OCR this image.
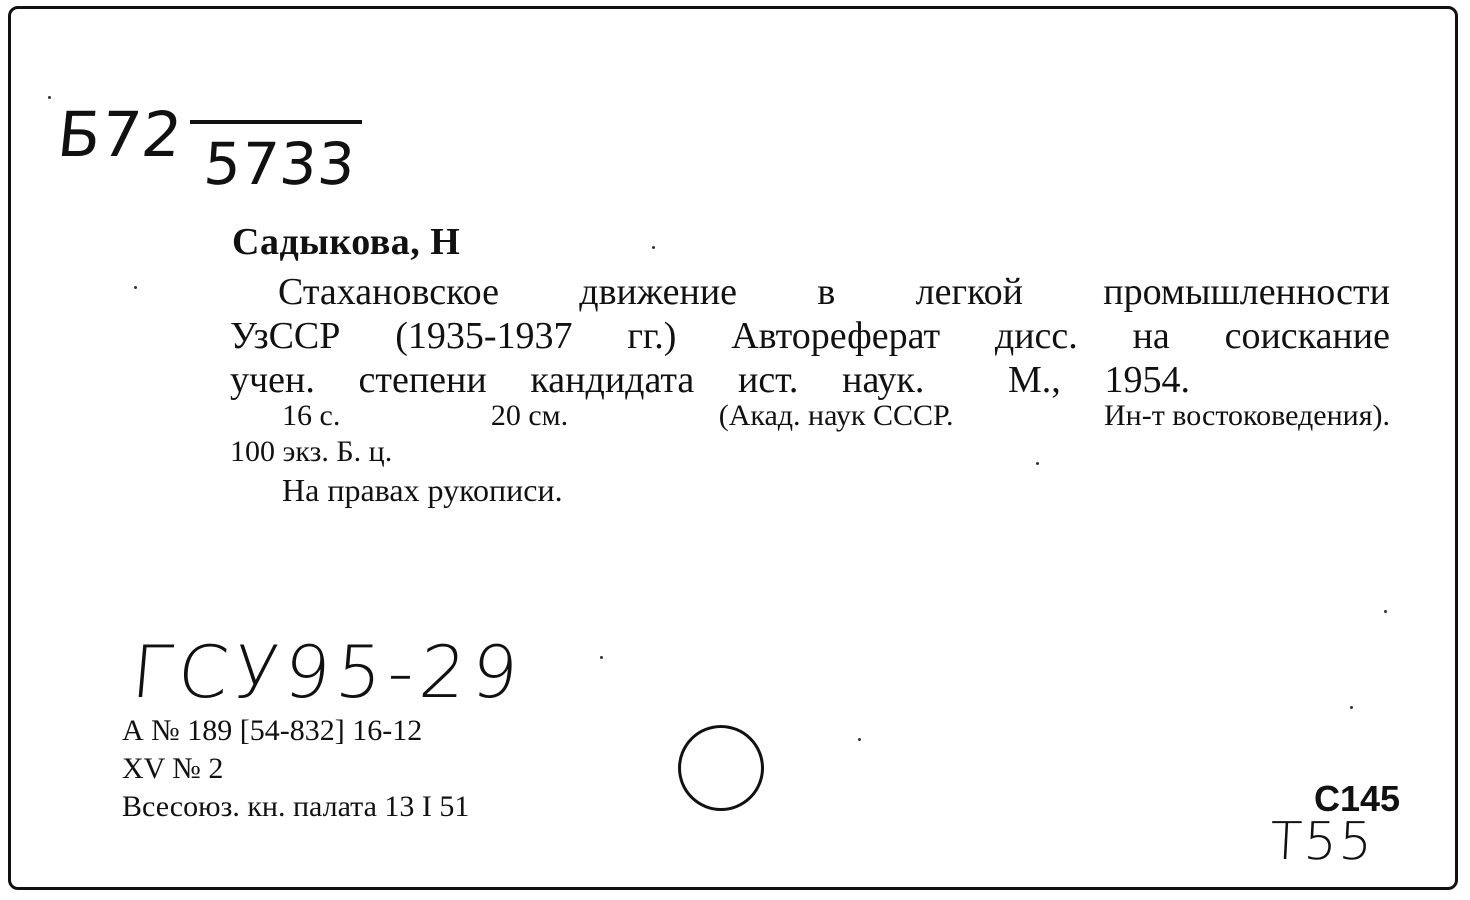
Б72 5733
Садыкова, Н
Стахановское движение в легкой промышленности
УзССР (1935-1937 гг.) Автореферат дисс. на соискание
учен. степени кандидата ист. наук. М., 1954.
16 с.	20 см.	(Акад. наук СССР.	Ин-т востоковедения).
100 экз. Б. ц.
На правах рукописи.
ГСУ95-29
А № 189 [54-832] 16-12
XV № 2
Всесоюз. кн. палата 13 I 51	С145
Т55
